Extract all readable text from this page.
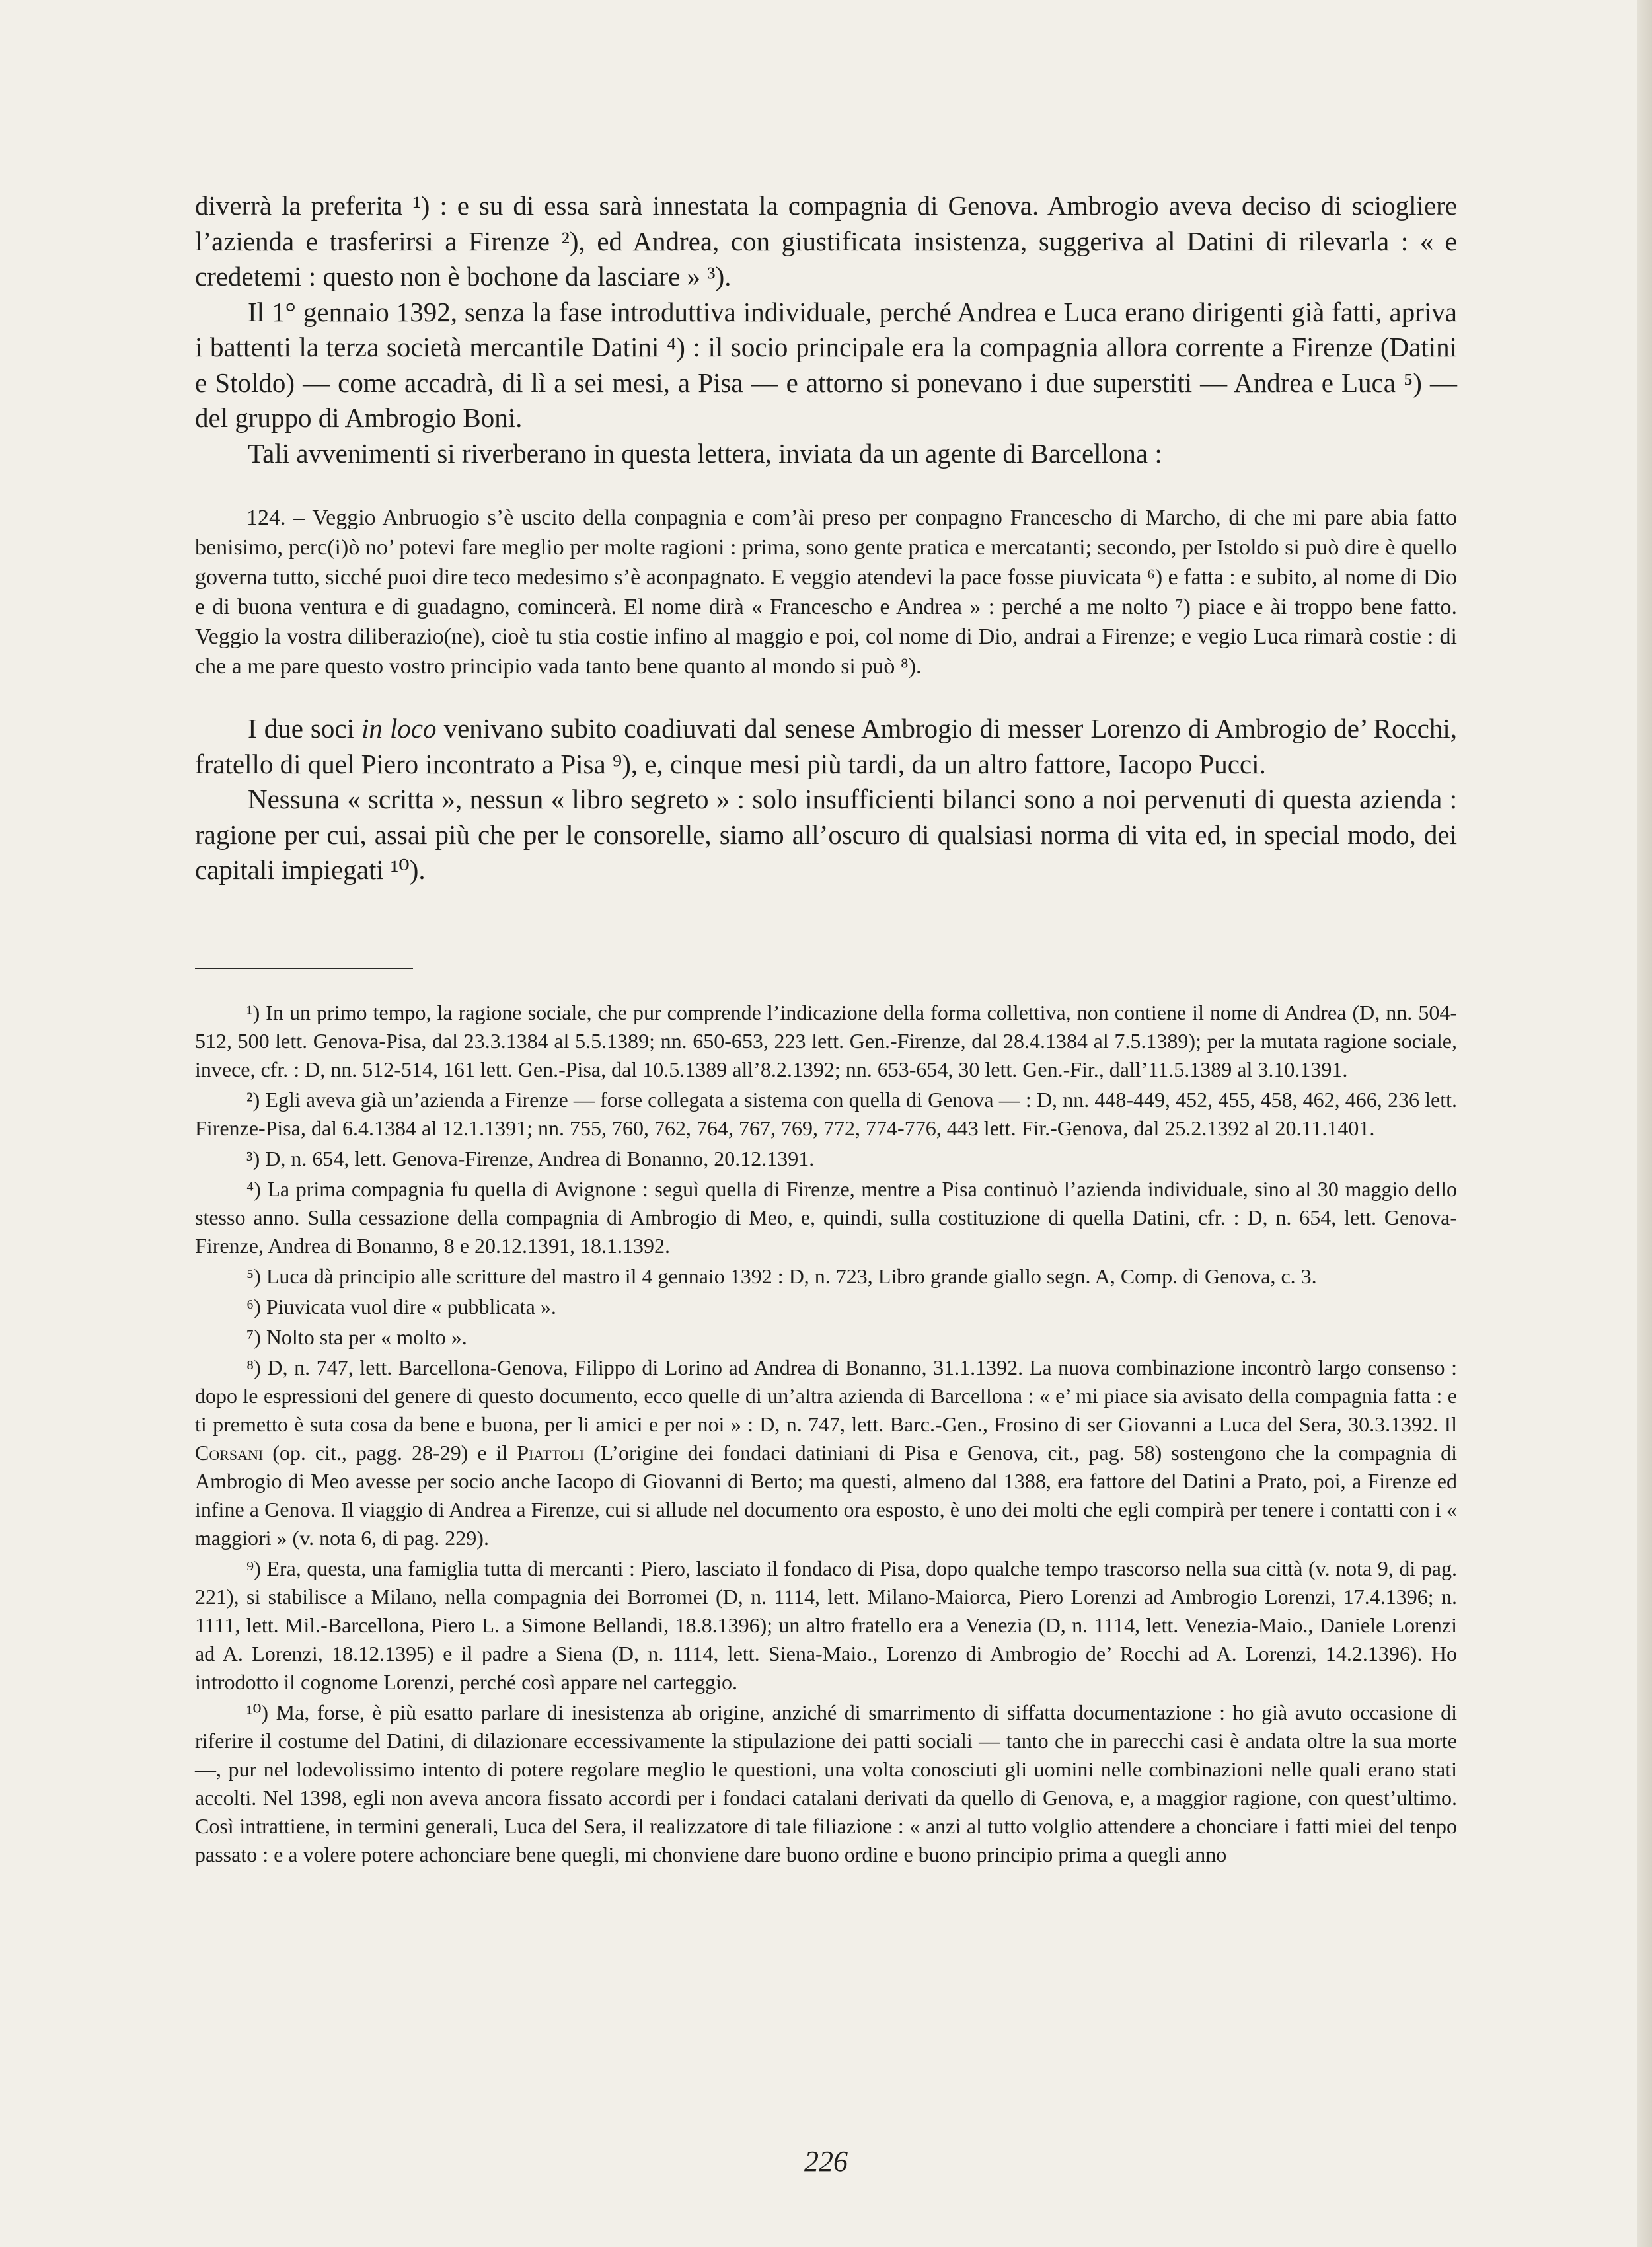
diverrà la preferita ¹) : e su di essa sarà innestata la compagnia di Genova. Ambrogio aveva deciso di sciogliere l’azienda e trasferirsi a Firenze ²), ed Andrea, con giustificata insistenza, suggeriva al Datini di rilevarla : « e credetemi : questo non è bochone da lasciare » ³).

Il 1° gennaio 1392, senza la fase introduttiva individuale, perché Andrea e Luca erano dirigenti già fatti, apriva i battenti la terza società mercantile Datini ⁴) : il socio principale era la compagnia allora corrente a Firenze (Datini e Stoldo) — come accadrà, di lì a sei mesi, a Pisa — e attorno si ponevano i due superstiti — Andrea e Luca ⁵) — del gruppo di Ambrogio Boni.

Tali avvenimenti si riverberano in questa lettera, inviata da un agente di Barcellona :

124. – Veggio Anbruogio s’è uscito della conpagnia e com’ài preso per conpagno Francescho di Marcho, di che mi pare abia fatto benisimo, perc(i)ò no’ potevi fare meglio per molte ragioni : prima, sono gente pratica e mercatanti; secondo, per Istoldo si può dire è quello governa tutto, sicché puoi dire teco medesimo s’è aconpagnato. E veggio atendevi la pace fosse piuvicata ⁶) e fatta : e subito, al nome di Dio e di buona ventura e di guadagno, comincerà. El nome dirà « Francescho e Andrea » : perché a me nolto ⁷) piace e ài troppo bene fatto. Veggio la vostra diliberazio(ne), cioè tu stia costie infino al maggio e poi, col nome di Dio, andrai a Firenze; e vegio Luca rimarà costie : di che a me pare questo vostro principio vada tanto bene quanto al mondo si può ⁸).

I due soci in loco venivano subito coadiuvati dal senese Ambrogio di messer Lorenzo di Ambrogio de’ Rocchi, fratello di quel Piero incontrato a Pisa ⁹), e, cinque mesi più tardi, da un altro fattore, Iacopo Pucci.

Nessuna « scritta », nessun « libro segreto » : solo insufficienti bilanci sono a noi pervenuti di questa azienda : ragione per cui, assai più che per le consorelle, siamo all’oscuro di qualsiasi norma di vita ed, in special modo, dei capitali impiegati ¹⁰).

¹) In un primo tempo, la ragione sociale, che pur comprende l’indicazione della forma collettiva, non contiene il nome di Andrea (D, nn. 504-512, 500 lett. Genova-Pisa, dal 23.3.1384 al 5.5.1389; nn. 650-653, 223 lett. Gen.-Firenze, dal 28.4.1384 al 7.5.1389); per la mutata ragione sociale, invece, cfr. : D, nn. 512-514, 161 lett. Gen.-Pisa, dal 10.5.1389 all’8.2.1392; nn. 653-654, 30 lett. Gen.-Fir., dall’11.5.1389 al 3.10.1391.

²) Egli aveva già un’azienda a Firenze — forse collegata a sistema con quella di Genova — : D, nn. 448-449, 452, 455, 458, 462, 466, 236 lett. Firenze-Pisa, dal 6.4.1384 al 12.1.1391; nn. 755, 760, 762, 764, 767, 769, 772, 774-776, 443 lett. Fir.-Genova, dal 25.2.1392 al 20.11.1401.

³) D, n. 654, lett. Genova-Firenze, Andrea di Bonanno, 20.12.1391.

⁴) La prima compagnia fu quella di Avignone : seguì quella di Firenze, mentre a Pisa continuò l’azienda individuale, sino al 30 maggio dello stesso anno. Sulla cessazione della compagnia di Ambrogio di Meo, e, quindi, sulla costituzione di quella Datini, cfr. : D, n. 654, lett. Genova-Firenze, Andrea di Bonanno, 8 e 20.12.1391, 18.1.1392.

⁵) Luca dà principio alle scritture del mastro il 4 gennaio 1392 : D, n. 723, Libro grande giallo segn. A, Comp. di Genova, c. 3.

⁶) Piuvicata vuol dire « pubblicata ».

⁷) Nolto sta per « molto ».

⁸) D, n. 747, lett. Barcellona-Genova, Filippo di Lorino ad Andrea di Bonanno, 31.1.1392. La nuova combinazione incontrò largo consenso : dopo le espressioni del genere di questo documento, ecco quelle di un’altra azienda di Barcellona : « e’ mi piace sia avisato della compagnia fatta : e ti premetto è suta cosa da bene e buona, per li amici e per noi » : D, n. 747, lett. Barc.-Gen., Frosino di ser Giovanni a Luca del Sera, 30.3.1392. Il Corsani (op. cit., pagg. 28-29) e il Piattoli (L’origine dei fondaci datiniani di Pisa e Genova, cit., pag. 58) sostengono che la compagnia di Ambrogio di Meo avesse per socio anche Iacopo di Giovanni di Berto; ma questi, almeno dal 1388, era fattore del Datini a Prato, poi, a Firenze ed infine a Genova. Il viaggio di Andrea a Firenze, cui si allude nel documento ora esposto, è uno dei molti che egli compirà per tenere i contatti con i « maggiori » (v. nota 6, di pag. 229).

⁹) Era, questa, una famiglia tutta di mercanti : Piero, lasciato il fondaco di Pisa, dopo qualche tempo trascorso nella sua città (v. nota 9, di pag. 221), si stabilisce a Milano, nella compagnia dei Borromei (D, n. 1114, lett. Milano-Maiorca, Piero Lorenzi ad Ambrogio Lorenzi, 17.4.1396; n. 1111, lett. Mil.-Barcellona, Piero L. a Simone Bellandi, 18.8.1396); un altro fratello era a Venezia (D, n. 1114, lett. Venezia-Maio., Daniele Lorenzi ad A. Lorenzi, 18.12.1395) e il padre a Siena (D, n. 1114, lett. Siena-Maio., Lorenzo di Ambrogio de’ Rocchi ad A. Lorenzi, 14.2.1396). Ho introdotto il cognome Lorenzi, perché così appare nel carteggio.

¹⁰) Ma, forse, è più esatto parlare di inesistenza ab origine, anziché di smarrimento di siffatta documentazione : ho già avuto occasione di riferire il costume del Datini, di dilazionare eccessivamente la stipulazione dei patti sociali — tanto che in parecchi casi è andata oltre la sua morte —, pur nel lodevolissimo intento di potere regolare meglio le questioni, una volta conosciuti gli uomini nelle combinazioni nelle quali erano stati accolti. Nel 1398, egli non aveva ancora fissato accordi per i fondaci catalani derivati da quello di Genova, e, a maggior ragione, con quest’ultimo. Così intrattiene, in termini generali, Luca del Sera, il realizzatore di tale filiazione : « anzi al tutto volglio attendere a chonciare i fatti miei del tenpo passato : e a volere potere achonciare bene quegli, mi chonviene dare buono ordine e buono principio prima a quegli anno

226
